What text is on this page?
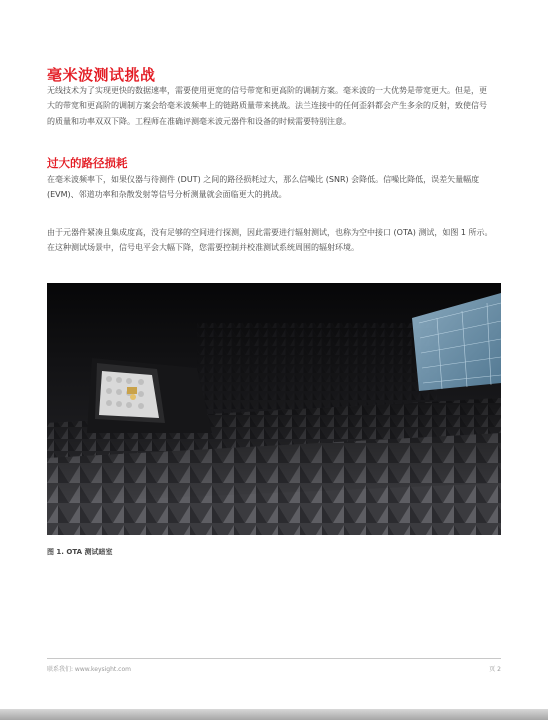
毫米波测试挑战

无线技术为了实现更快的数据速率，需要使用更宽的信号带宽和更高阶的调制方案。毫米波的一大优势是带宽更大。但是，更大的带宽和更高阶的调制方案会给毫米波频率上的链路质量带来挑战。法兰连接中的任何歪斜都会产生多余的反射，致使信号的质量和功率双双下降。工程师在准确评测毫米波元器件和设备的时候需要特别注意。

过大的路径损耗

在毫米波频率下，如果仪器与待测件 (DUT) 之间的路径损耗过大，那么信噪比 (SNR) 会降低。信噪比降低，误差矢量幅度 (EVM)、邻道功率和杂散发射等信号分析测量就会面临更大的挑战。

由于元器件紧凑且集成度高，没有足够的空间进行探测，因此需要进行辐射测试，也称为空中接口 (OTA) 测试，如图 1 所示。在这种测试场景中，信号电平会大幅下降，您需要控制并校准测试系统周围的辐射环境。

图 1. OTA 测试暗室
联系我们: www.keysight.com	页 2
